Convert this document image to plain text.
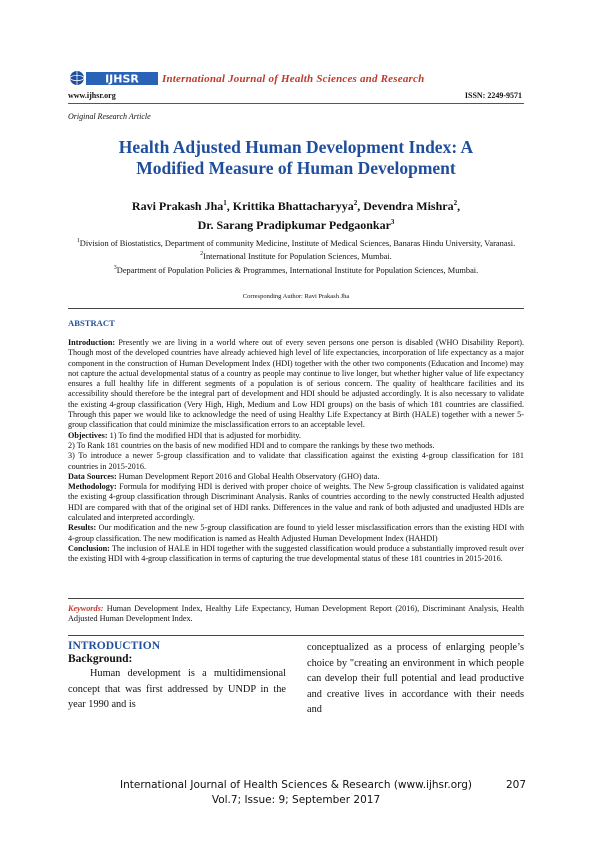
IJHSR International Journal of Health Sciences and Research
www.ijhsr.org	ISSN: 2249-9571
Original Research Article
Health Adjusted Human Development Index: A
Modified Measure of Human Development
Ravi Prakash Jha$^1$, Krittika Bhattacharyya$^2$, Devendra Mishra$^2$,
Dr. Sarang Pradipkumar Pedgaonkar$^3$

$^1$Division of Biostatistics, Department of community Medicine, Institute of Medical Sciences, Banaras Hindu University, Varanasi.

$^2$International Institute for Population Sciences, Mumbai.

$^3$Department of Population Policies & Programmes, International Institute for Population Sciences, Mumbai.

Corresponding Author: Ravi Prakash Jha
ABSTRACT

Introduction: Presently we are living in a world where out of every seven persons one person is disabled (WHO Disability Report). Though most of the developed countries have already achieved high level of life expectancies, incorporation of life expectancy as a major component in the construction of Human Development Index (HDI) together with the other two components (Education and Income) may not capture the actual developmental status of a country as people may continue to live longer, but whether higher value of life expectancy ensures a full healthy life in different segments of a population is of serious concern. The quality of healthcare facilities and its accessibility should therefore be the integral part of development and HDI should be adjusted accordingly. It is also necessary to validate the existing 4-group classification (Very High, High, Medium and Low HDI groups) on the basis of which 181 countries are classified. Through this paper we would like to acknowledge the need of using Healthy Life Expectancy at Birth (HALE) together with a newer 5-group classification that could minimize the misclassification errors to an acceptable level.

Objectives: 1) To find the modified HDI that is adjusted for morbidity.

2) To Rank 181 countries on the basis of new modified HDI and to compare the rankings by these two methods.

3) To introduce a newer 5-group classification and to validate that classification against the existing 4-group classification for 181 countries in 2015-2016.

Data Sources: Human Development Report 2016 and Global Health Observatory (GHO) data.

Methodology: Formula for modifying HDI is derived with proper choice of weights. The New 5-group classification is validated against the existing 4-group classification through Discriminant Analysis. Ranks of countries according to the newly constructed Health adjusted HDI are compared with that of the original set of HDI ranks. Differences in the value and rank of both adjusted and unadjusted HDIs are calculated and interpreted accordingly.

Results: Our modification and the new 5-group classification are found to yield lesser misclassification errors than the existing HDI with 4-group classification. The new modification is named as Health Adjusted Human Development Index (HAHDI)

Conclusion: The inclusion of HALE in HDI together with the suggested classification would produce a substantially improved result over the existing HDI with 4-group classification in terms of capturing the true developmental status of these 181 countries in 2015-2016.

Keywords: Human Development Index, Healthy Life Expectancy, Human Development Report (2016), Discriminant Analysis, Health Adjusted Human Development Index.
INTRODUCTION
Background:
Human development is a multidimensional concept that was first addressed by UNDP in the year 1990 and is
conceptualized as a process of enlarging people’s choice by "creating an environment in which people can develop their full potential and lead productive and creative lives in accordance with their needs and
International Journal of Health Sciences & Research (www.ijhsr.org)	207
Vol.7; Issue: 9; September 2017
